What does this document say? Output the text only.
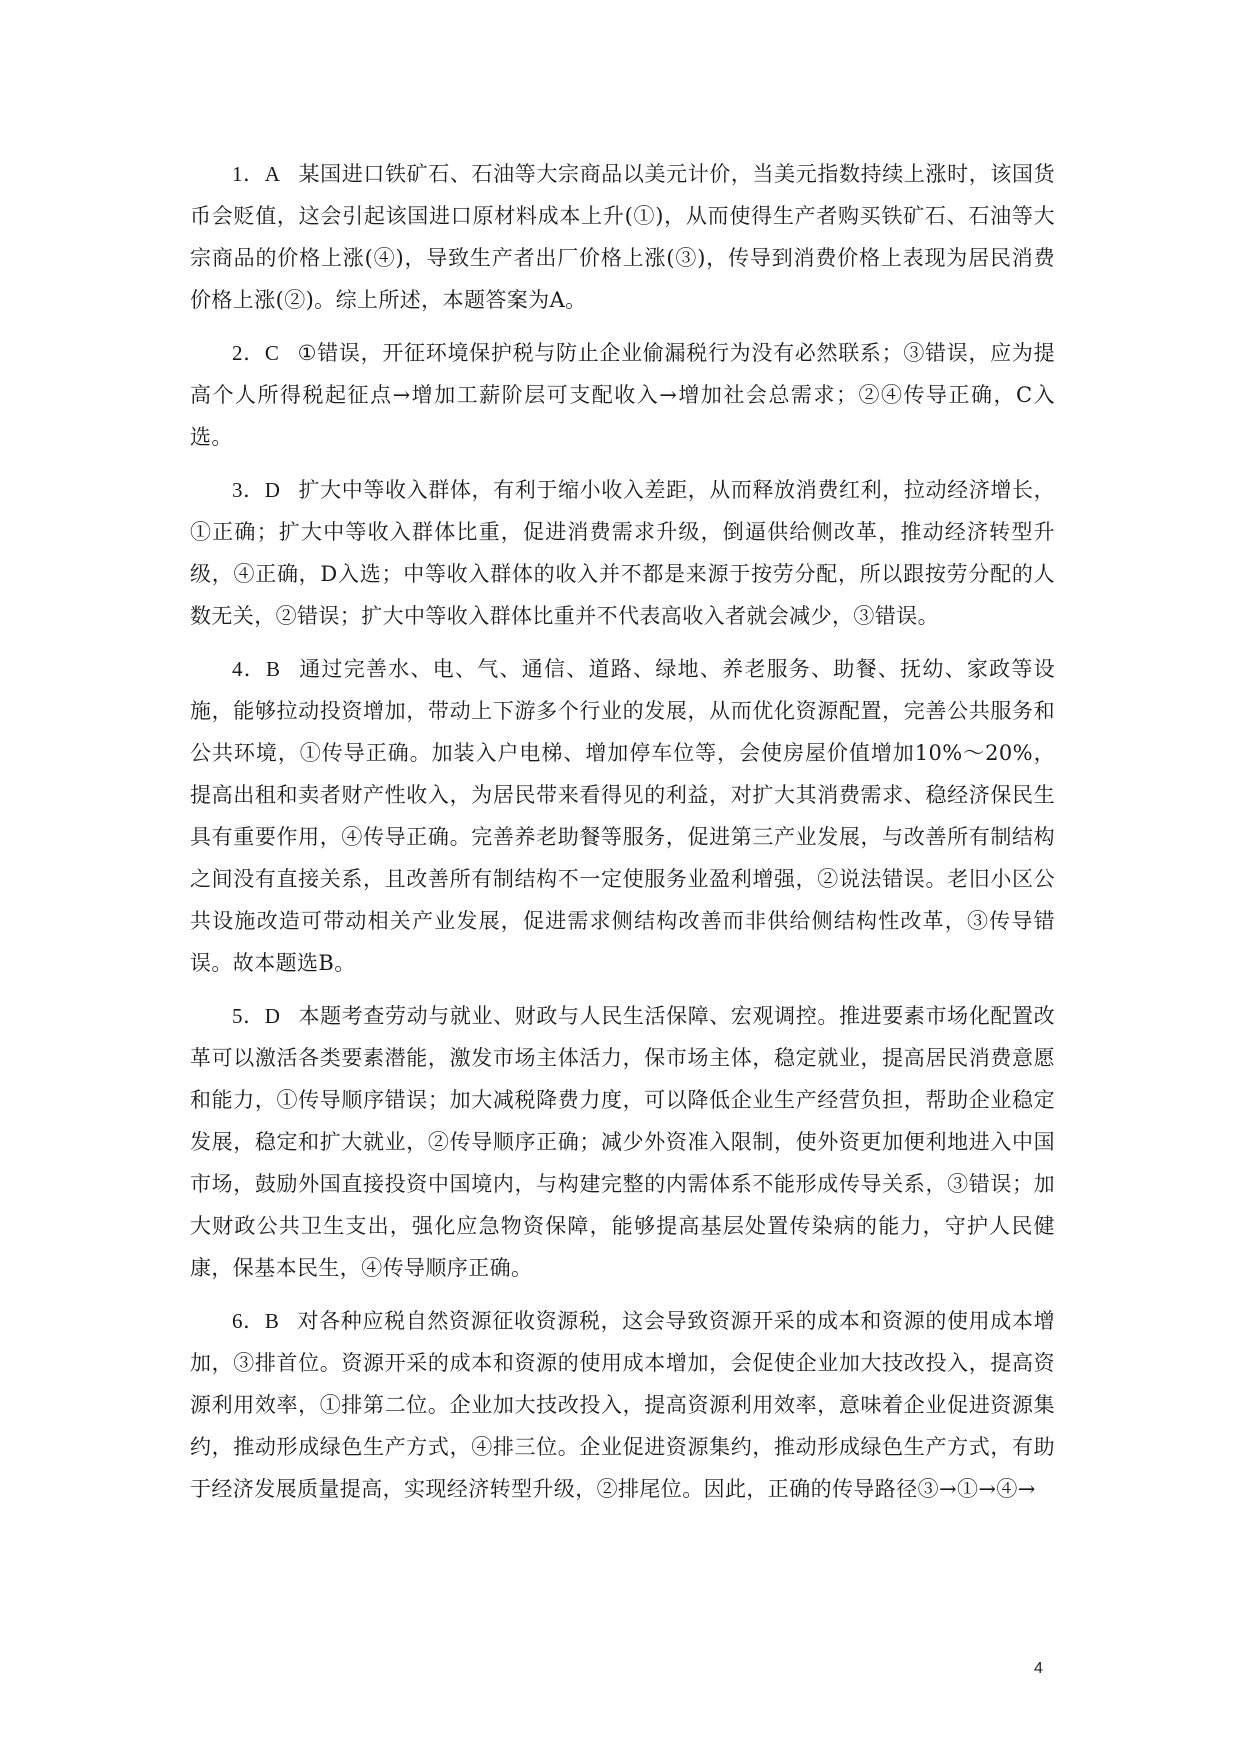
1．A 某国进口铁矿石、石油等大宗商品以美元计价，当美元指数持续上涨时，该国货币会贬值，这会引起该国进口原材料成本上升(①)，从而使得生产者购买铁矿石、石油等大宗商品的价格上涨(④)，导致生产者出厂价格上涨(③)，传导到消费价格上表现为居民消费价格上涨(②)。综上所述，本题答案为A。

2．C ①错误，开征环境保护税与防止企业偷漏税行为没有必然联系；③错误，应为提高个人所得税起征点→增加工薪阶层可支配收入→增加社会总需求；②④传导正确，C入选。

3．D 扩大中等收入群体，有利于缩小收入差距，从而释放消费红利，拉动经济增长，①正确；扩大中等收入群体比重，促进消费需求升级，倒逼供给侧改革，推动经济转型升级，④正确，D入选；中等收入群体的收入并不都是来源于按劳分配，所以跟按劳分配的人数无关，②错误；扩大中等收入群体比重并不代表高收入者就会减少，③错误。

4．B 通过完善水、电、气、通信、道路、绿地、养老服务、助餐、抚幼、家政等设施，能够拉动投资增加，带动上下游多个行业的发展，从而优化资源配置，完善公共服务和公共环境，①传导正确。加装入户电梯、增加停车位等，会使房屋价值增加10%～20%，提高出租和卖者财产性收入，为居民带来看得见的利益，对扩大其消费需求、稳经济保民生具有重要作用，④传导正确。完善养老助餐等服务，促进第三产业发展，与改善所有制结构之间没有直接关系，且改善所有制结构不一定使服务业盈利增强，②说法错误。老旧小区公共设施改造可带动相关产业发展，促进需求侧结构改善而非供给侧结构性改革，③传导错误。故本题选B。

5．D 本题考查劳动与就业、财政与人民生活保障、宏观调控。推进要素市场化配置改革可以激活各类要素潜能，激发市场主体活力，保市场主体，稳定就业，提高居民消费意愿和能力，①传导顺序错误；加大减税降费力度，可以降低企业生产经营负担，帮助企业稳定发展，稳定和扩大就业，②传导顺序正确；减少外资准入限制，使外资更加便利地进入中国市场，鼓励外国直接投资中国境内，与构建完整的内需体系不能形成传导关系，③错误；加大财政公共卫生支出，强化应急物资保障，能够提高基层处置传染病的能力，守护人民健康，保基本民生，④传导顺序正确。

6．B 对各种应税自然资源征收资源税，这会导致资源开采的成本和资源的使用成本增加，③排首位。资源开采的成本和资源的使用成本增加，会促使企业加大技改投入，提高资源利用效率，①排第二位。企业加大技改投入，提高资源利用效率，意味着企业促进资源集约，推动形成绿色生产方式，④排三位。企业促进资源集约，推动形成绿色生产方式，有助于经济发展质量提高，实现经济转型升级，②排尾位。因此，正确的传导路径③→①→④→

4
